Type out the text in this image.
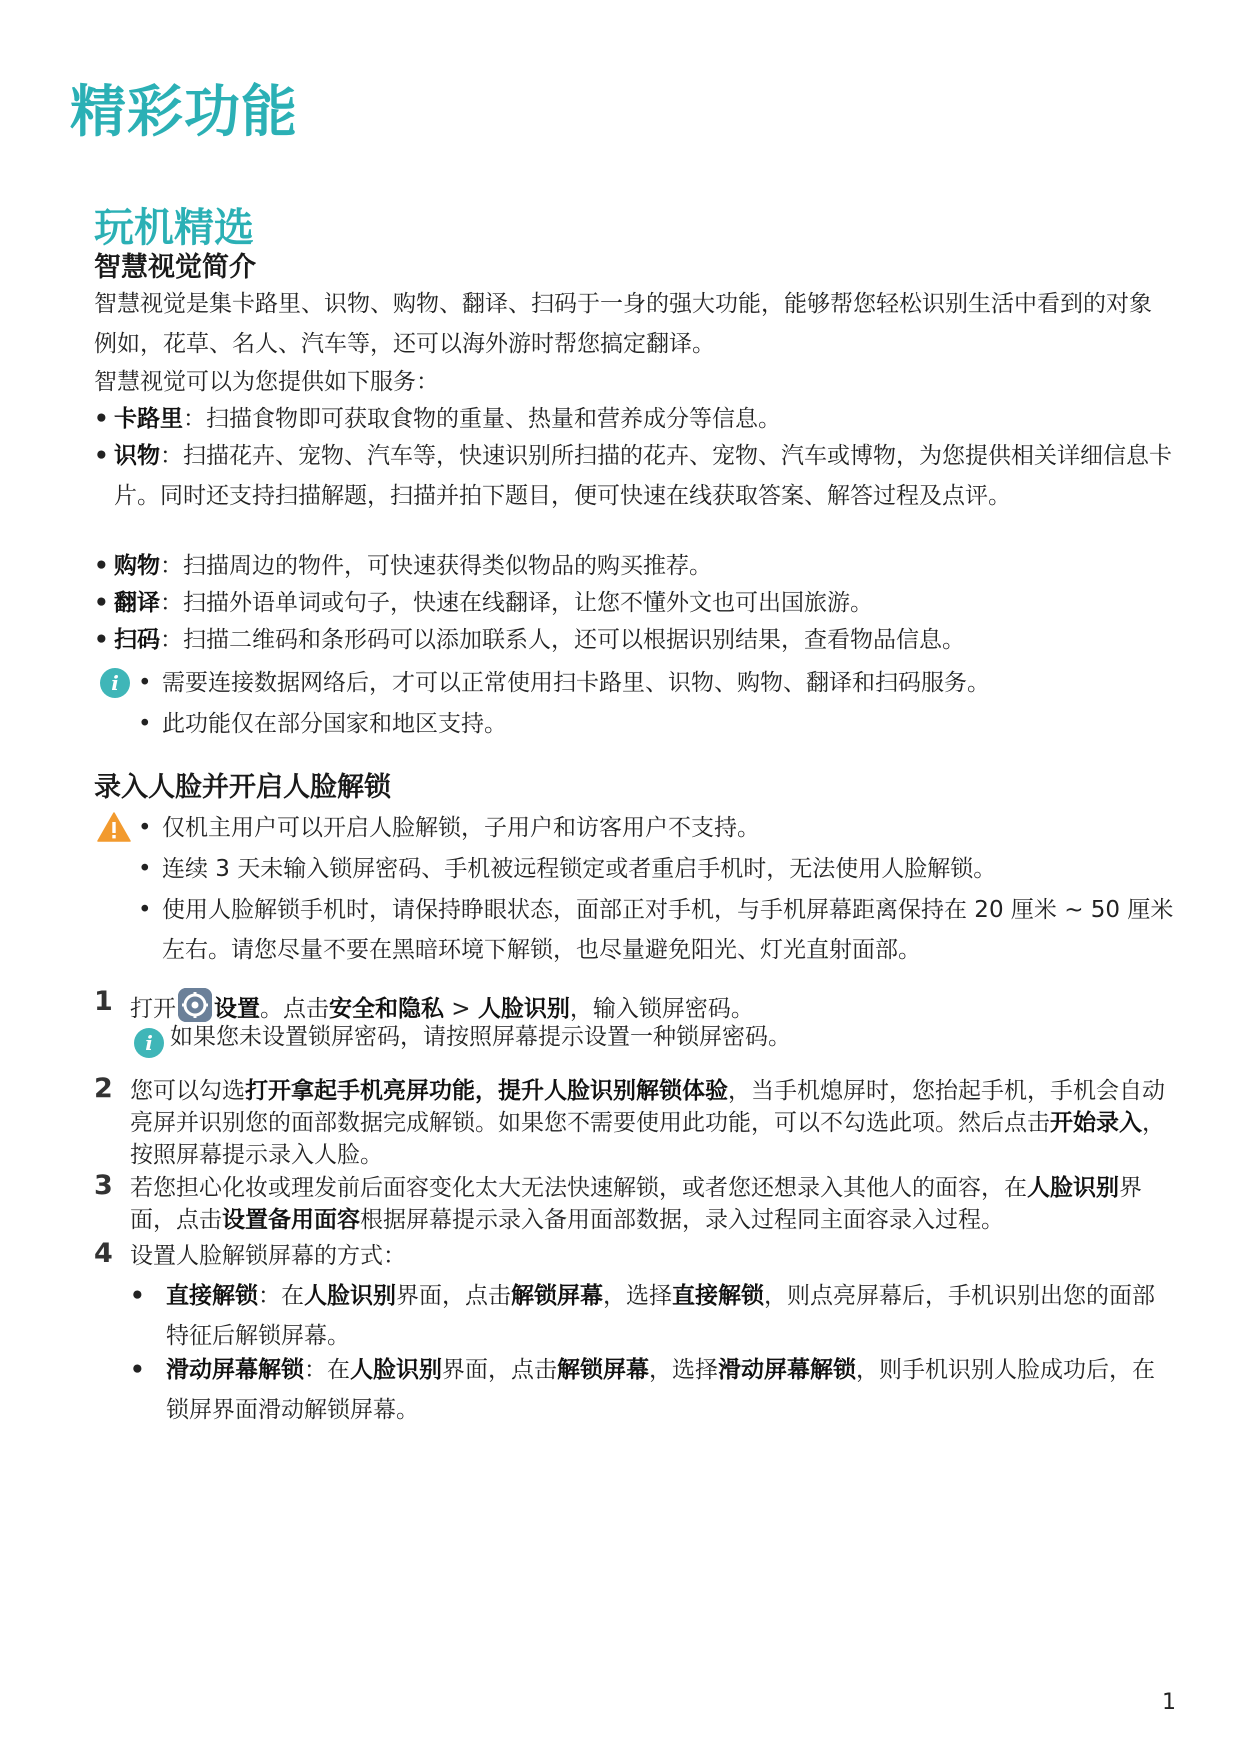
精彩功能
玩机精选
智慧视觉简介
智慧视觉是集卡路里、识物、购物、翻译、扫码于一身的强大功能，能够帮您轻松识别生活中看到的对象例如，花草、名人、汽车等，还可以海外游时帮您搞定翻译。
智慧视觉可以为您提供如下服务：
• 卡路里：扫描食物即可获取食物的重量、热量和营养成分等信息。
• 识物：扫描花卉、宠物、汽车等，快速识别所扫描的花卉、宠物、汽车或博物，为您提供相关详细信息卡片。同时还支持扫描解题，扫描并拍下题目，便可快速在线获取答案、解答过程及点评。
• 购物：扫描周边的物件，可快速获得类似物品的购买推荐。
• 翻译：扫描外语单词或句子，快速在线翻译，让您不懂外文也可出国旅游。
• 扫码：扫描二维码和条形码可以添加联系人，还可以根据识别结果，查看物品信息。
i • 需要连接数据网络后，才可以正常使用扫卡路里、识物、购物、翻译和扫码服务。
• 此功能仅在部分国家和地区支持。
录入人脸并开启人脸解锁
• 仅机主用户可以开启人脸解锁，子用户和访客用户不支持。
• 连续 3 天未输入锁屏密码、手机被远程锁定或者重启手机时，无法使用人脸解锁。
• 使用人脸解锁手机时，请保持睁眼状态，面部正对手机，与手机屏幕距离保持在 20 厘米 ~ 50 厘米左右。请您尽量不要在黑暗环境下解锁，也尽量避免阳光、灯光直射面部。
1 打开 设置。点击安全和隐私 > 人脸识别，输入锁屏密码。
i 如果您未设置锁屏密码，请按照屏幕提示设置一种锁屏密码。
2 您可以勾选打开拿起手机亮屏功能，提升人脸识别解锁体验，当手机熄屏时，您抬起手机，手机会自动亮屏并识别您的面部数据完成解锁。如果您不需要使用此功能，可以不勾选此项。然后点击开始录入，按照屏幕提示录入人脸。
3 若您担心化妆或理发前后面容变化太大无法快速解锁，或者您还想录入其他人的面容，在人脸识别界面，点击设置备用面容根据屏幕提示录入备用面部数据，录入过程同主面容录入过程。
4 设置人脸解锁屏幕的方式：
• 直接解锁：在人脸识别界面，点击解锁屏幕，选择直接解锁，则点亮屏幕后，手机识别出您的面部特征后解锁屏幕。
• 滑动屏幕解锁：在人脸识别界面，点击解锁屏幕，选择滑动屏幕解锁，则手机识别人脸成功后，在锁屏界面滑动解锁屏幕。
1
